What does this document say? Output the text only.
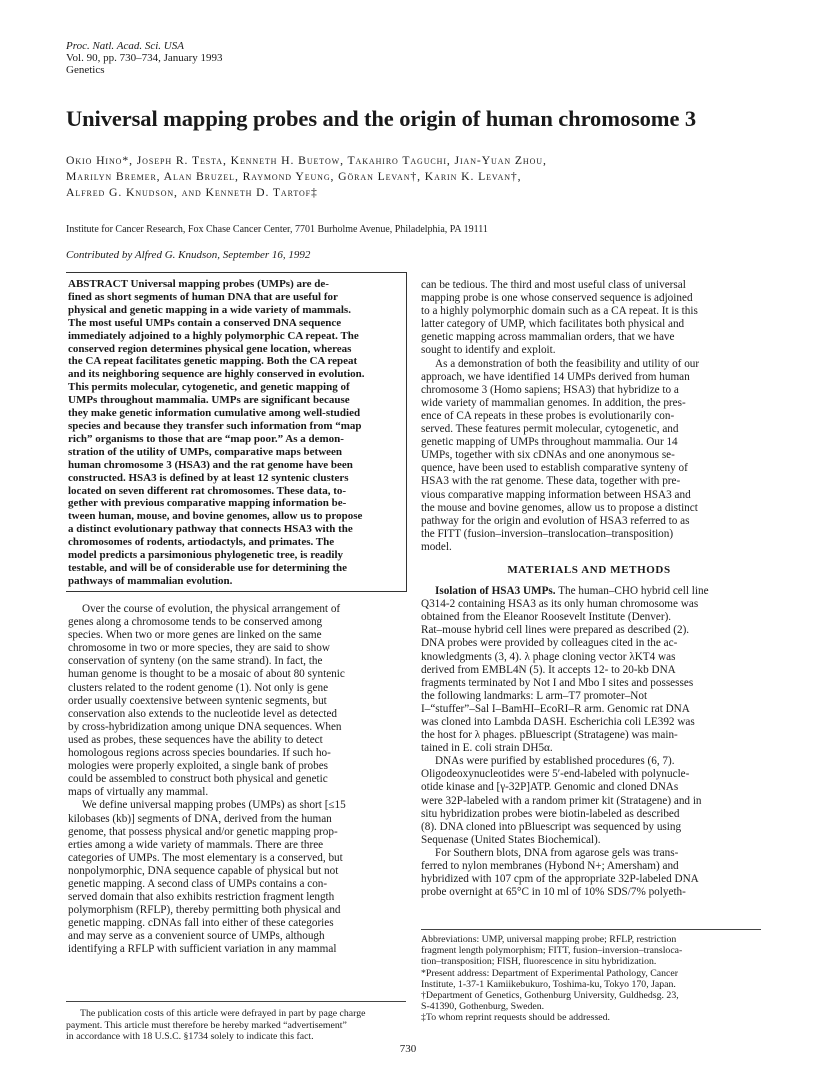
Proc. Natl. Acad. Sci. USA
Vol. 90, pp. 730–734, January 1993
Genetics
Universal mapping probes and the origin of human chromosome 3
Okio Hino*, Joseph R. Testa, Kenneth H. Buetow, Takahiro Taguchi, Jian-Yuan Zhou,
Marilyn Bremer, Alan Bruzel, Raymond Yeung, Göran Levan†, Karin K. Levan†,
Alfred G. Knudson, and Kenneth D. Tartof‡
Institute for Cancer Research, Fox Chase Cancer Center, 7701 Burholme Avenue, Philadelphia, PA 19111
Contributed by Alfred G. Knudson, September 16, 1992
ABSTRACT Universal mapping probes (UMPs) are de-
fined as short segments of human DNA that are useful for
physical and genetic mapping in a wide variety of mammals.
The most useful UMPs contain a conserved DNA sequence
immediately adjoined to a highly polymorphic CA repeat. The
conserved region determines physical gene location, whereas
the CA repeat facilitates genetic mapping. Both the CA repeat
and its neighboring sequence are highly conserved in evolution.
This permits molecular, cytogenetic, and genetic mapping of
UMPs throughout mammalia. UMPs are significant because
they make genetic information cumulative among well-studied
species and because they transfer such information from “map
rich” organisms to those that are “map poor.” As a demon-
stration of the utility of UMPs, comparative maps between
human chromosome 3 (HSA3) and the rat genome have been
constructed. HSA3 is defined by at least 12 syntenic clusters
located on seven different rat chromosomes. These data, to-
gether with previous comparative mapping information be-
tween human, mouse, and bovine genomes, allow us to propose
a distinct evolutionary pathway that connects HSA3 with the
chromosomes of rodents, artiodactyls, and primates. The
model predicts a parsimonious phylogenetic tree, is readily
testable, and will be of considerable use for determining the
pathways of mammalian evolution.
Over the course of evolution, the physical arrangement of
genes along a chromosome tends to be conserved among
species. When two or more genes are linked on the same
chromosome in two or more species, they are said to show
conservation of synteny (on the same strand). In fact, the
human genome is thought to be a mosaic of about 80 syntenic
clusters related to the rodent genome (1). Not only is gene
order usually coextensive between syntenic segments, but
conservation also extends to the nucleotide level as detected
by cross-hybridization among unique DNA sequences. When
used as probes, these sequences have the ability to detect
homologous regions across species boundaries. If such ho-
mologies were properly exploited, a single bank of probes
could be assembled to construct both physical and genetic
maps of virtually any mammal.
We define universal mapping probes (UMPs) as short [≤15
kilobases (kb)] segments of DNA, derived from the human
genome, that possess physical and/or genetic mapping prop-
erties among a wide variety of mammals. There are three
categories of UMPs. The most elementary is a conserved, but
nonpolymorphic, DNA sequence capable of physical but not
genetic mapping. A second class of UMPs contains a con-
served domain that also exhibits restriction fragment length
polymorphism (RFLP), thereby permitting both physical and
genetic mapping. cDNAs fall into either of these categories
and may serve as a convenient source of UMPs, although
identifying a RFLP with sufficient variation in any mammal
can be tedious. The third and most useful class of universal
mapping probe is one whose conserved sequence is adjoined
to a highly polymorphic domain such as a CA repeat. It is this
latter category of UMP, which facilitates both physical and
genetic mapping across mammalian orders, that we have
sought to identify and exploit.
As a demonstration of both the feasibility and utility of our
approach, we have identified 14 UMPs derived from human
chromosome 3 (Homo sapiens; HSA3) that hybridize to a
wide variety of mammalian genomes. In addition, the pres-
ence of CA repeats in these probes is evolutionarily con-
served. These features permit molecular, cytogenetic, and
genetic mapping of UMPs throughout mammalia. Our 14
UMPs, together with six cDNAs and one anonymous se-
quence, have been used to establish comparative synteny of
HSA3 with the rat genome. These data, together with pre-
vious comparative mapping information between HSA3 and
the mouse and bovine genomes, allow us to propose a distinct
pathway for the origin and evolution of HSA3 referred to as
the FITT (fusion–inversion–translocation–transposition)
model.
MATERIALS AND METHODS
Isolation of HSA3 UMPs. The human–CHO hybrid cell line
Q314-2 containing HSA3 as its only human chromosome was
obtained from the Eleanor Roosevelt Institute (Denver).
Rat–mouse hybrid cell lines were prepared as described (2).
DNA probes were provided by colleagues cited in the ac-
knowledgments (3, 4). λ phage cloning vector λKT4 was
derived from EMBL4N (5). It accepts 12- to 20-kb DNA
fragments terminated by Not I and Mbo I sites and possesses
the following landmarks: L arm–T7 promoter–Not
I–“stuffer”–Sal I–BamHI–EcoRI–R arm. Genomic rat DNA
was cloned into Lambda DASH. Escherichia coli LE392 was
the host for λ phages. pBluescript (Stratagene) was main-
tained in E. coli strain DH5α.
DNAs were purified by established procedures (6, 7).
Oligodeoxynucleotides were 5′-end-labeled with polynucle-
otide kinase and [γ-32P]ATP. Genomic and cloned DNAs
were 32P-labeled with a random primer kit (Stratagene) and in
situ hybridization probes were biotin-labeled as described
(8). DNA cloned into pBluescript was sequenced by using
Sequenase (United States Biochemical).
For Southern blots, DNA from agarose gels was trans-
ferred to nylon membranes (Hybond N+; Amersham) and
hybridized with 107 cpm of the appropriate 32P-labeled DNA
probe overnight at 65°C in 10 ml of 10% SDS/7% polyeth-
The publication costs of this article were defrayed in part by page charge
payment. This article must therefore be hereby marked “advertisement”
in accordance with 18 U.S.C. §1734 solely to indicate this fact.
Abbreviations: UMP, universal mapping probe; RFLP, restriction
fragment length polymorphism; FITT, fusion–inversion–transloca-
tion–transposition; FISH, fluorescence in situ hybridization.
*Present address: Department of Experimental Pathology, Cancer
Institute, 1-37-1 Kamiikebukuro, Toshima-ku, Tokyo 170, Japan.
†Department of Genetics, Gothenburg University, Guldhedsg. 23,
S-41390, Gothenburg, Sweden.
‡To whom reprint requests should be addressed.
730
